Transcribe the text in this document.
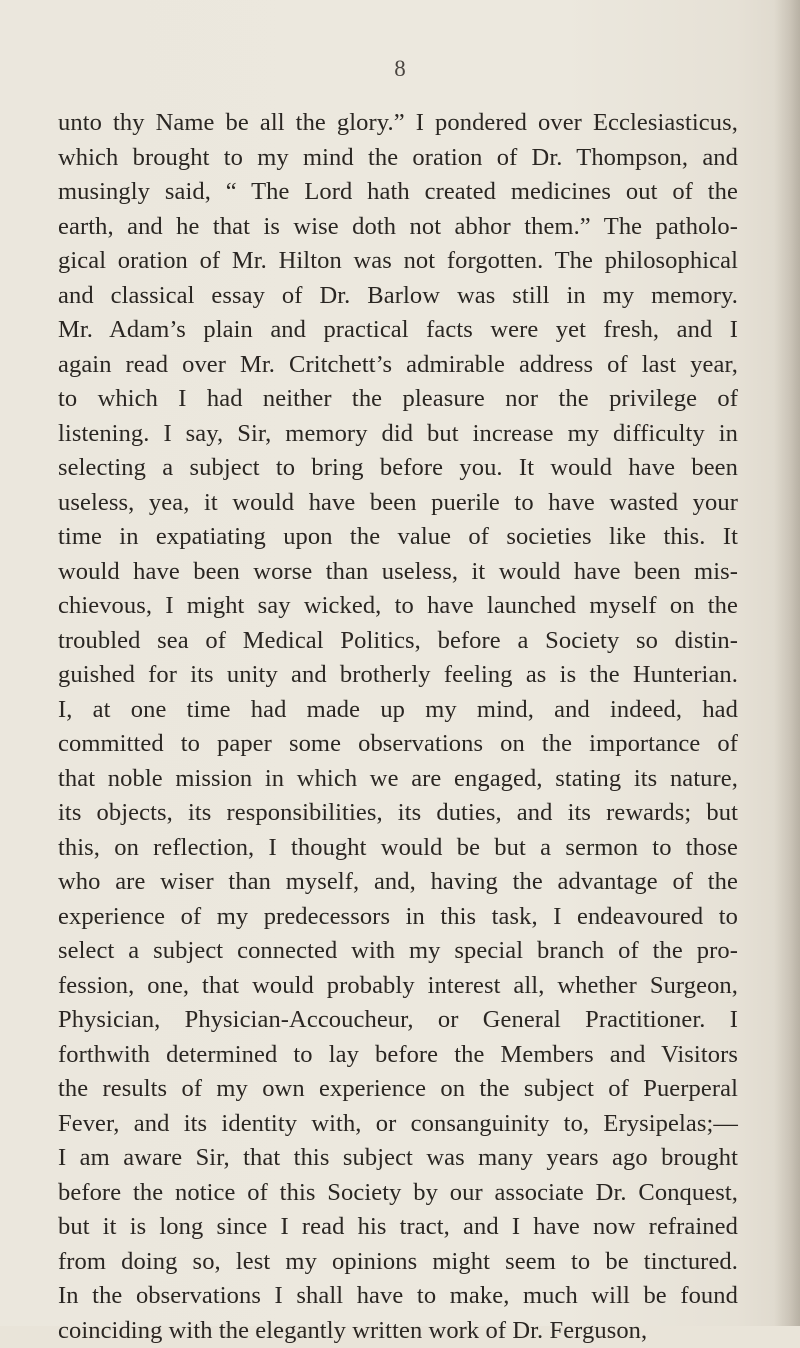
8
unto thy Name be all the glory.” I pondered over Ecclesiasticus,
which brought to my mind the oration of Dr. Thompson, and
musingly said, “ The Lord hath created medicines out of the
earth, and he that is wise doth not abhor them.” The patholo-
gical oration of Mr. Hilton was not forgotten. The philosophical
and classical essay of Dr. Barlow was still in my memory.
Mr. Adam’s plain and practical facts were yet fresh, and I
again read over Mr. Critchett’s admirable address of last year,
to which I had neither the pleasure nor the privilege of
listening. I say, Sir, memory did but increase my difficulty in
selecting a subject to bring before you. It would have been
useless, yea, it would have been puerile to have wasted your
time in expatiating upon the value of societies like this. It
would have been worse than useless, it would have been mis-
chievous, I might say wicked, to have launched myself on the
troubled sea of Medical Politics, before a Society so distin-
guished for its unity and brotherly feeling as is the Hunterian.
I, at one time had made up my mind, and indeed, had
committed to paper some observations on the importance of
that noble mission in which we are engaged, stating its nature,
its objects, its responsibilities, its duties, and its rewards; but
this, on reflection, I thought would be but a sermon to those
who are wiser than myself, and, having the advantage of the
experience of my predecessors in this task, I endeavoured to
select a subject connected with my special branch of the pro-
fession, one, that would probably interest all, whether Surgeon,
Physician, Physician-Accoucheur, or General Practitioner. I
forthwith determined to lay before the Members and Visitors
the results of my own experience on the subject of Puerperal
Fever, and its identity with, or consanguinity to, Erysipelas;—
I am aware Sir, that this subject was many years ago brought
before the notice of this Society by our associate Dr. Conquest,
but it is long since I read his tract, and I have now refrained
from doing so, lest my opinions might seem to be tinctured.
In the observations I shall have to make, much will be found
coinciding with the elegantly written work of Dr. Ferguson,
